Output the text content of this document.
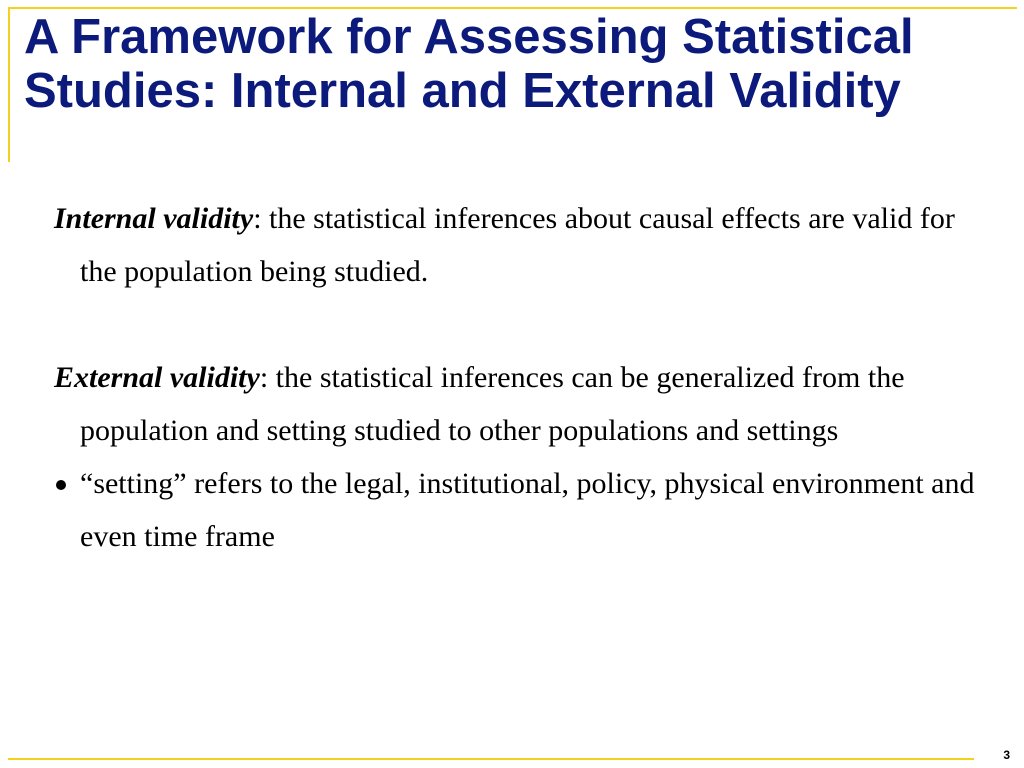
A Framework for Assessing Statistical Studies: Internal and External Validity

Internal validity: the statistical inferences about causal effects are valid for the population being studied.

External validity: the statistical inferences can be generalized from the population and setting studied to other populations and settings

“setting” refers to the legal, institutional, policy, physical environment and even time frame

3
